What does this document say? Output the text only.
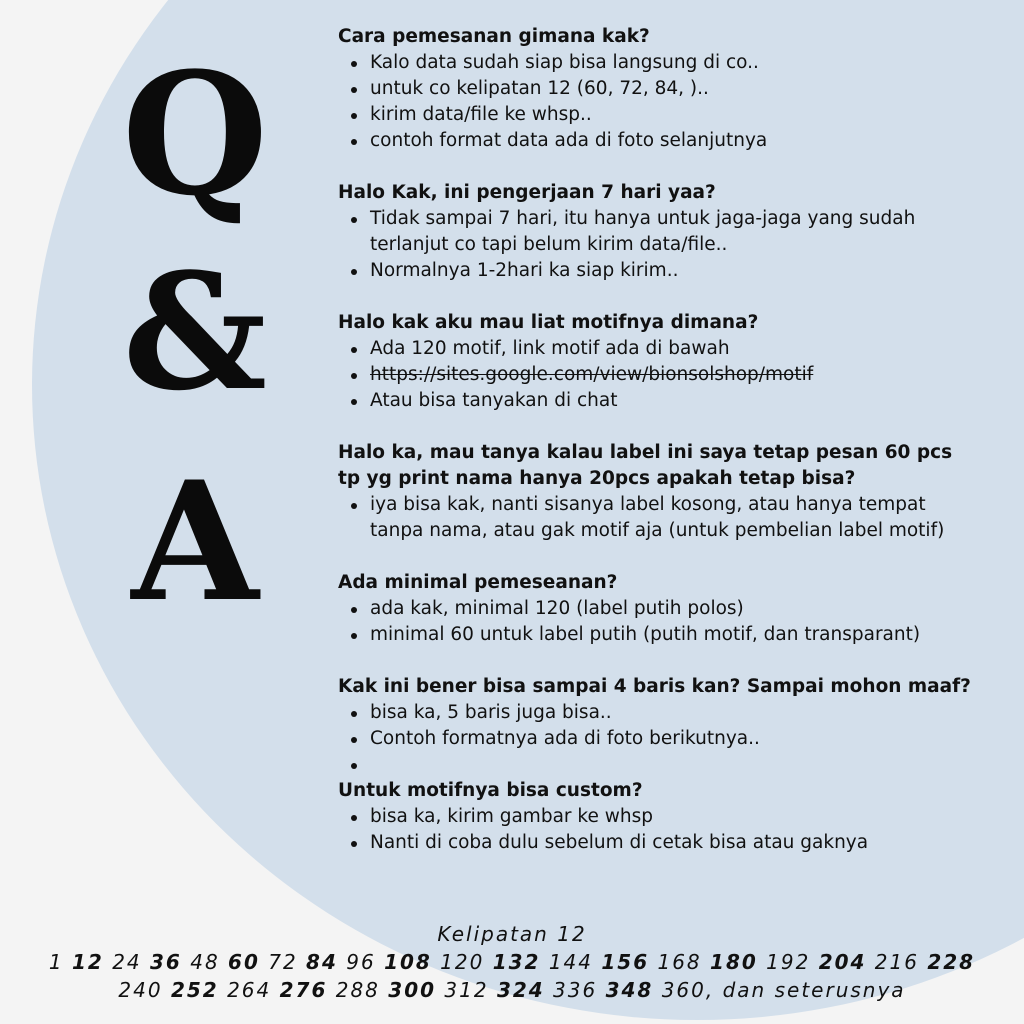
Q
&
A
Cara pemesanan gimana kak?
Kalo data sudah siap bisa langsung di co..
untuk co kelipatan 12 (60, 72, 84, )..
kirim data/file ke whsp..
contoh format data ada di foto selanjutnya
Halo Kak, ini pengerjaan 7 hari yaa?
Tidak sampai 7 hari, itu hanya untuk jaga-jaga yang sudah terlanjut co tapi belum kirim data/file..
Normalnya 1-2hari ka siap kirim..
Halo kak aku mau liat motifnya dimana?
Ada 120 motif, link motif ada di bawah
https://sites.google.com/view/bionsolshop/motif
Atau bisa tanyakan di chat
Halo ka, mau tanya kalau label ini saya tetap pesan 60 pcs tp yg print nama hanya 20pcs apakah tetap bisa?
iya bisa kak, nanti sisanya label kosong, atau hanya tempat tanpa nama, atau gak motif aja (untuk pembelian label motif)
Ada minimal pemeseanan?
ada kak, minimal 120 (label putih polos)
minimal 60 untuk label putih (putih motif, dan transparant)
Kak ini bener bisa sampai 4 baris kan? Sampai mohon maaf?
bisa ka, 5 baris juga bisa..
Contoh formatnya ada di foto berikutnya..
Untuk motifnya bisa custom?
bisa ka, kirim gambar ke whsp
Nanti di coba dulu sebelum di cetak bisa atau gaknya
Kelipatan 12
1 12 24 36 48 60 72 84 96 108 120 132 144 156 168 180 192 204 216 228
240 252 264 276 288 300 312 324 336 348 360, dan seterusnya
